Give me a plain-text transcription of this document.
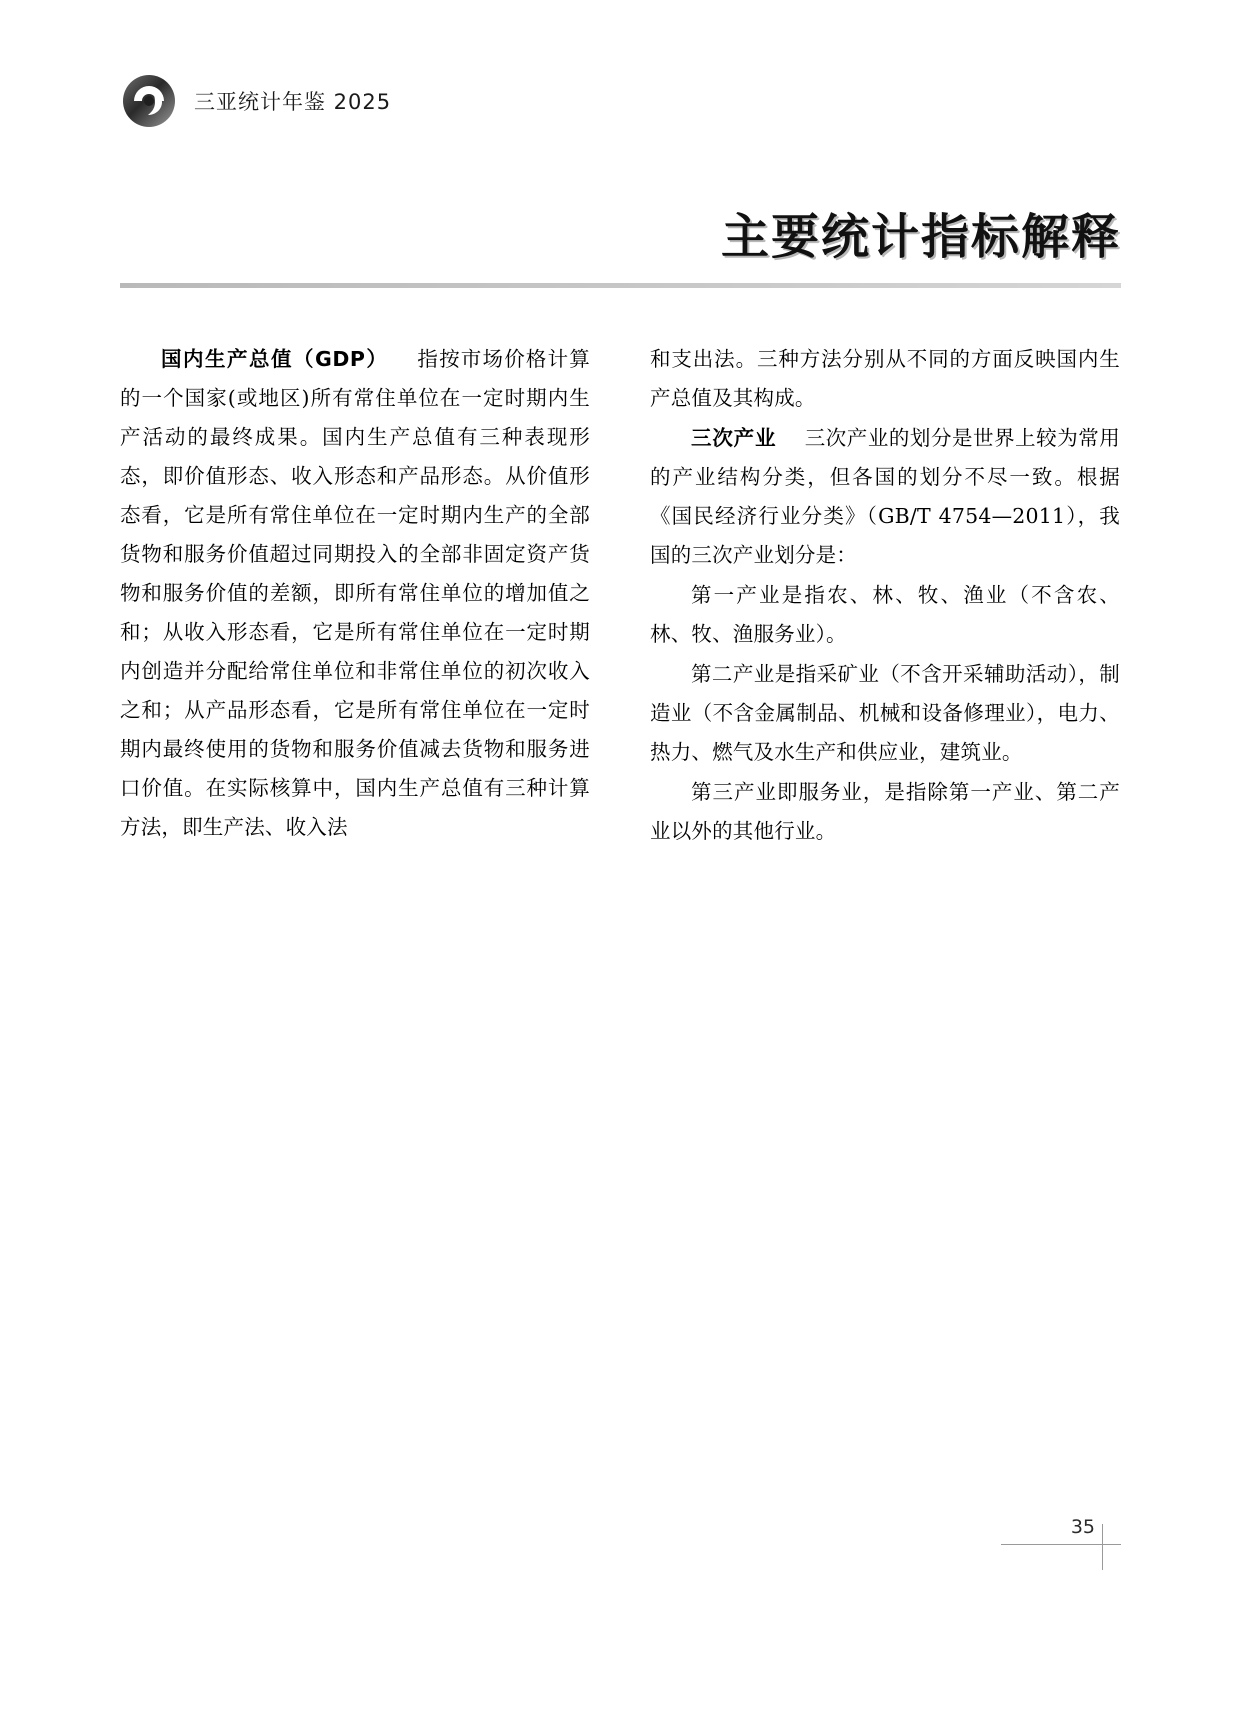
三亚统计年鉴 2025
主要统计指标解释

国内生产总值（GDP） 指按市场价格计算的一个国家(或地区)所有常住单位在一定时期内生产活动的最终成果。国内生产总值有三种表现形态，即价值形态、收入形态和产品形态。从价值形态看，它是所有常住单位在一定时期内生产的全部货物和服务价值超过同期投入的全部非固定资产货物和服务价值的差额，即所有常住单位的增加值之和；从收入形态看，它是所有常住单位在一定时期内创造并分配给常住单位和非常住单位的初次收入之和；从产品形态看，它是所有常住单位在一定时期内最终使用的货物和服务价值减去货物和服务进口价值。在实际核算中，国内生产总值有三种计算方法，即生产法、收入法

和支出法。三种方法分别从不同的方面反映国内生产总值及其构成。

三次产业 三次产业的划分是世界上较为常用的产业结构分类，但各国的划分不尽一致。根据《国民经济行业分类》（GB/T 4754—2011），我国的三次产业划分是：

第一产业是指农、林、牧、渔业（不含农、林、牧、渔服务业）。

第二产业是指采矿业（不含开采辅助活动），制造业（不含金属制品、机械和设备修理业），电力、热力、燃气及水生产和供应业，建筑业。

第三产业即服务业，是指除第一产业、第二产业以外的其他行业。

35
